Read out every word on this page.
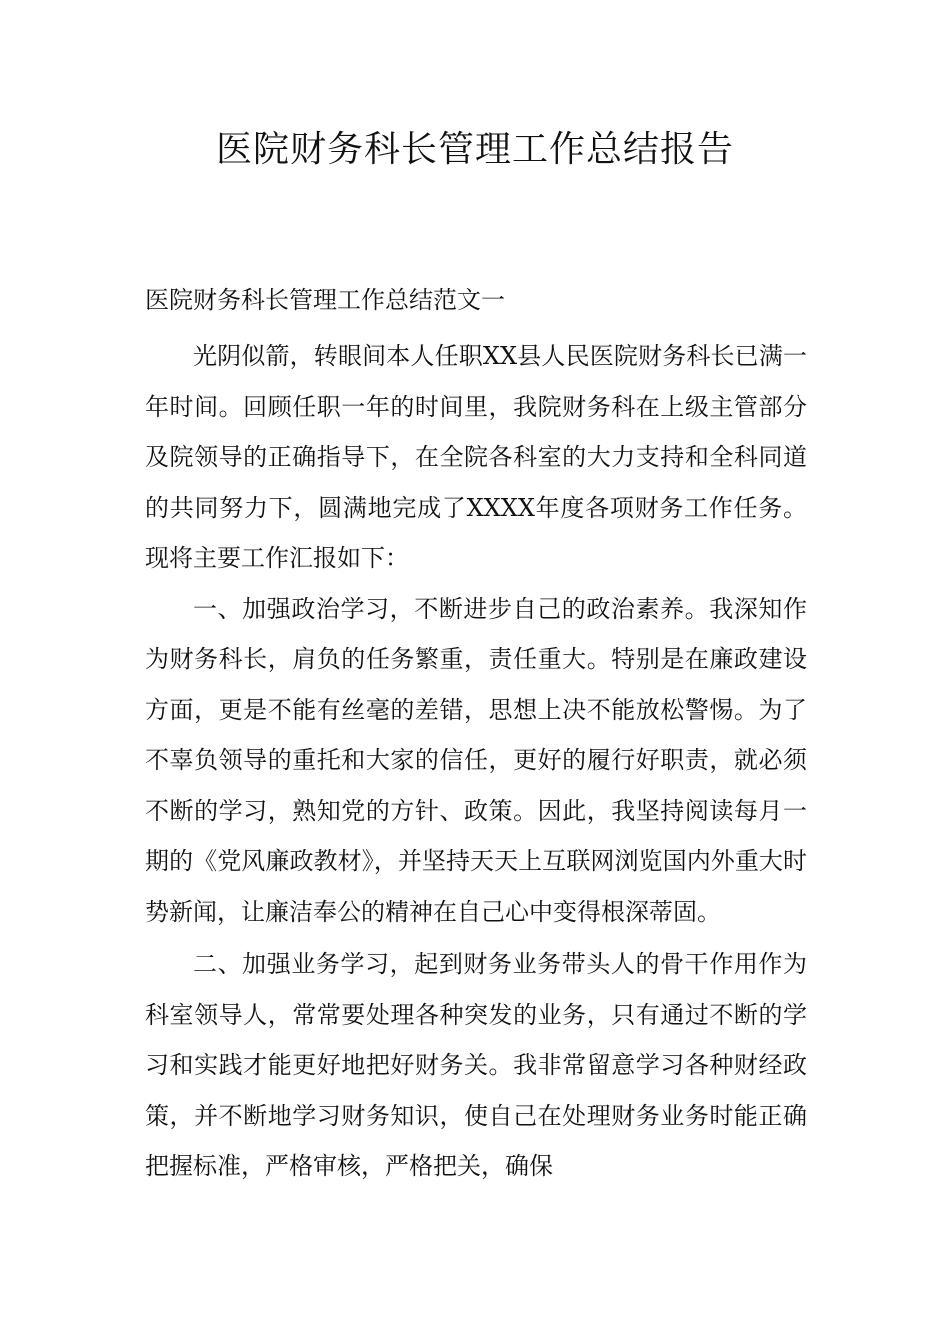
医院财务科长管理工作总结报告

医院财务科长管理工作总结范文一

光阴似箭，转眼间本人任职XX县人民医院财务科长已满一年时间。回顾任职一年的时间里，我院财务科在上级主管部分及院领导的正确指导下，在全院各科室的大力支持和全科同道的共同努力下，圆满地完成了XXXX年度各项财务工作任务。现将主要工作汇报如下：

一、加强政治学习，不断进步自己的政治素养。我深知作为财务科长，肩负的任务繁重，责任重大。特别是在廉政建设方面，更是不能有丝毫的差错，思想上决不能放松警惕。为了不辜负领导的重托和大家的信任，更好的履行好职责，就必须不断的学习，熟知党的方针、政策。因此，我坚持阅读每月一期的《党风廉政教材》，并坚持天天上互联网浏览国内外重大时势新闻，让廉洁奉公的精神在自己心中变得根深蒂固。

二、加强业务学习，起到财务业务带头人的骨干作用作为科室领导人，常常要处理各种突发的业务，只有通过不断的学习和实践才能更好地把好财务关。我非常留意学习各种财经政策，并不断地学习财务知识，使自己在处理财务业务时能正确把握标准，严格审核，严格把关，确保
